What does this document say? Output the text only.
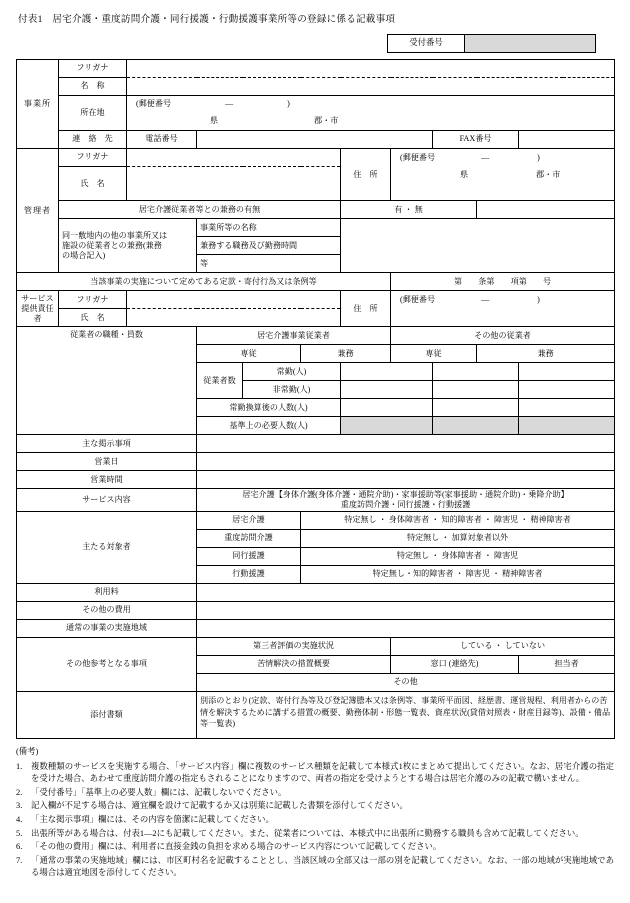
付表1　居宅介護・重度訪問介護・同行援護・行動援護事業所等の登録に係る記載事項
受付番号
事業所	フリガナ										
	名　称										
	所在地	(郵便番号 ― )									

		県 郡・市									

	連　絡　先	電話番号						FAX番号			
管理者	フリガナ					住　所	(郵便番号 ― )				

	氏　名						県 郡・市				

	居宅介護従業者等との兼務の有無					有 ・ 無					

	同一敷地内の他の事業所又は
施設の従業者との兼務(兼務
の場合記入)		事業所等の名称								
			兼務する職務及び勤務時間								
			等								
当該事業の実施について定めてある定款・寄付行為又は条例等							第　　条第　　項第　　号				

サービス
提供責任者	フリガナ					住　所	(郵便番号 ― )				

	氏　名										
従業者の職種・員数			居宅介護事業従業者				その他の従業者				
			専従		兼務		専従		兼務		
			従業者数	常勤(人)							
				非常勤(人)							
			常勤換算後の人数(人)								
			基準上の必要人数(人)								
主な掲示事項											
営業日											
営業時間											
サービス内容			居宅介護【身体介護(身体介護・通院介助)・家事援助等(家事援助・通院介助)・乗降介助】
重度訪問介護・同行援護・行動援護								

主たる対象者			居宅介護		特定無し ・ 身体障害者 ・ 知的障害者 ・ 障害児 ・ 精神障害者						
			重度訪問介護		特定無し ・ 加算対象者以外						
			同行援護		特定無し ・ 身体障害者 ・ 障害児						
			行動援護		特定無し・知的障害者 ・ 障害児 ・ 精神障害者						
利用料											
その他の費用											
通常の事業の実施地域											
その他参考となる事項			第三者評価の実施状況				している ・ していない				
			苦情解決の措置概要				窓口 (連絡先)			担当者	
			その他								
添付書類			別添のとおり(定款、寄付行為等及び登記簿謄本又は条例等、事業所平面図、経歴書、運営規程、利用者からの苦情を解決するために講ずる措置の概要、勤務体制・形態一覧表、資産状況(貸借対照表・財産目録等)、設備・備品等一覧表)								
(備考)
1.	複数種類のサービスを実施する場合、「サービス内容」欄に複数のサービス種類を記載して本様式1枚にまとめて提出してください。なお、居宅介護の指定を受けた場合、あわせて重度訪問介護の指定もされることになりますので、両者の指定を受けようとする場合は居宅介護のみの記載で構いません。
2.	「受付番号」「基準上の必要人数」欄には、記載しないでください。
3.	記入欄が不足する場合は、適宜欄を設けて記載するか又は別葉に記載した書類を添付してください。
4.	「主な掲示事項」欄には、その内容を箇潔に記載してください。
5.	出張所等がある場合は、付表1―2にも記載してください。また、従業者については、本様式中に出張所に勤務する職員も含めて記載してください。
6.	「その他の費用」欄には、利用者に直接金銭の負担を求める場合のサービス内容について記載してください。
7.	「通常の事業の実施地域」欄には、市区町村名を記載することとし、当該区域の全部又は一部の別を記載してください。なお、一部の地域が実施地域である場合は適宜地図を添付してください。
